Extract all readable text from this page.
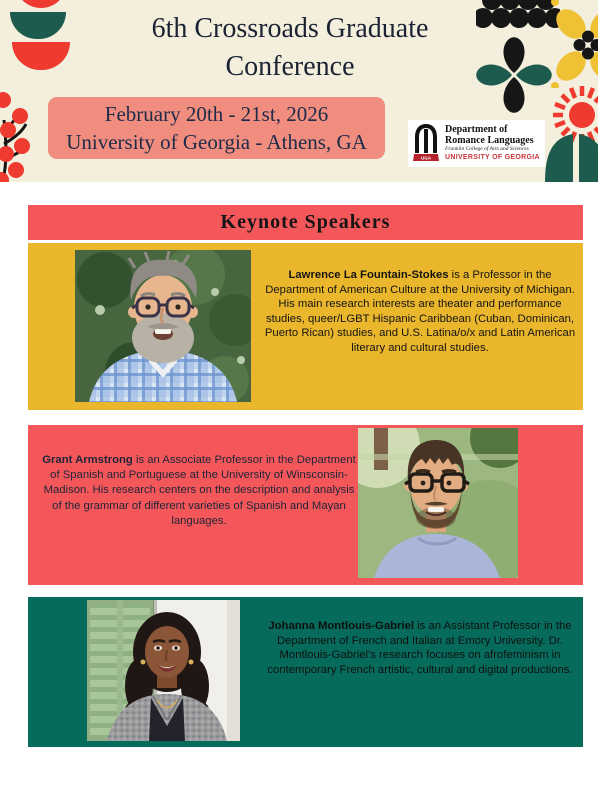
6th Crossroads Graduate
Conference
February 20th - 21st, 2026
University of Georgia - Athens, GA
UGA
Department of
Romance Languages
Franklin College of Arts and Sciences
UNIVERSITY OF GEORGIA
Keynote Speakers

Lawrence La Fountain-Stokes is a Professor in the Department of American Culture at the University of Michigan. His main research interests are theater and performance studies, queer/LGBT Hispanic Caribbean (Cuban, Dominican, Puerto Rican) studies, and U.S. Latina/o/x and Latin American literary and cultural studies.

Grant Armstrong is an Associate Professor in the Department of Spanish and Portuguese at the University of Winsconsin-Madison. His research centers on the description and analysis of the grammar of different varieties of Spanish and Mayan languages.

Johanna Montlouis-Gabriel is an Assistant Professor in the Department of French and Italian at Emory University. Dr. Montlouis-Gabriel's research focuses on afrofeminism in contemporary French artistic, cultural and digital productions.
